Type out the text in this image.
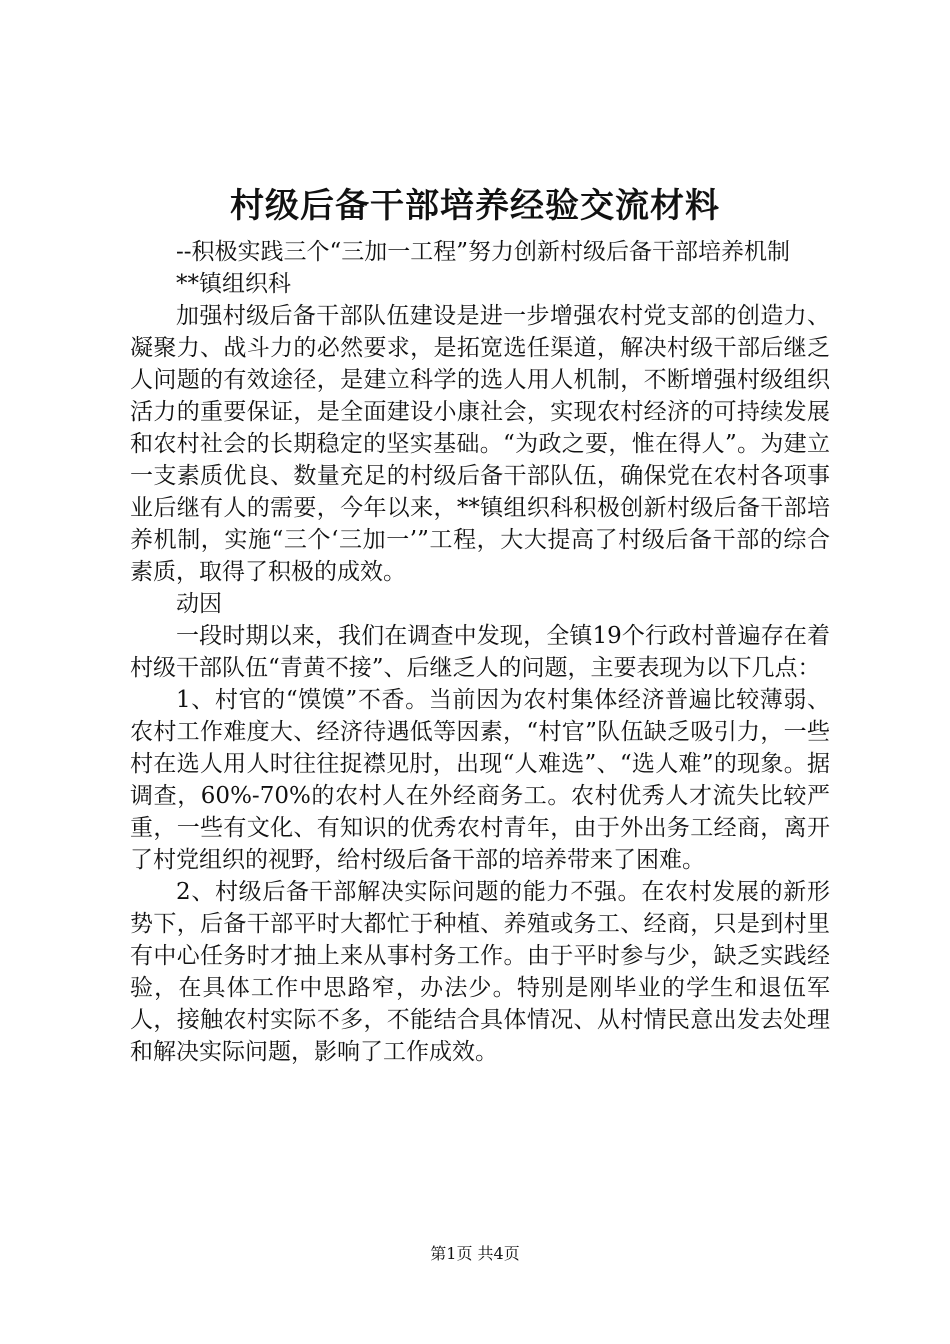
村级后备干部培养经验交流材料

--积极实践三个“三加一工程”努力创新村级后备干部培养机制

**镇组织科

加强村级后备干部队伍建设是进一步增强农村党支部的创造力、凝聚力、战斗力的必然要求，是拓宽选任渠道，解决村级干部后继乏人问题的有效途径，是建立科学的选人用人机制，不断增强村级组织活力的重要保证，是全面建设小康社会，实现农村经济的可持续发展和农村社会的长期稳定的坚实基础。“为政之要，惟在得人”。为建立一支素质优良、数量充足的村级后备干部队伍，确保党在农村各项事业后继有人的需要，今年以来，**镇组织科积极创新村级后备干部培养机制，实施“三个‘三加一’”工程，大大提高了村级后备干部的综合素质，取得了积极的成效。

动因

一段时期以来，我们在调查中发现，全镇19个行政村普遍存在着村级干部队伍“青黄不接”、后继乏人的问题，主要表现为以下几点：

1、村官的“馍馍”不香。当前因为农村集体经济普遍比较薄弱、农村工作难度大、经济待遇低等因素，“村官”队伍缺乏吸引力，一些村在选人用人时往往捉襟见肘，出现“人难选”、“选人难”的现象。据调查，60%-70%的农村人在外经商务工。农村优秀人才流失比较严重，一些有文化、有知识的优秀农村青年，由于外出务工经商，离开了村党组织的视野，给村级后备干部的培养带来了困难。

2、村级后备干部解决实际问题的能力不强。在农村发展的新形势下，后备干部平时大都忙于种植、养殖或务工、经商，只是到村里有中心任务时才抽上来从事村务工作。由于平时参与少，缺乏实践经验，在具体工作中思路窄，办法少。特别是刚毕业的学生和退伍军人，接触农村实际不多，不能结合具体情况、从村情民意出发去处理和解决实际问题，影响了工作成效。

第1页 共4页
